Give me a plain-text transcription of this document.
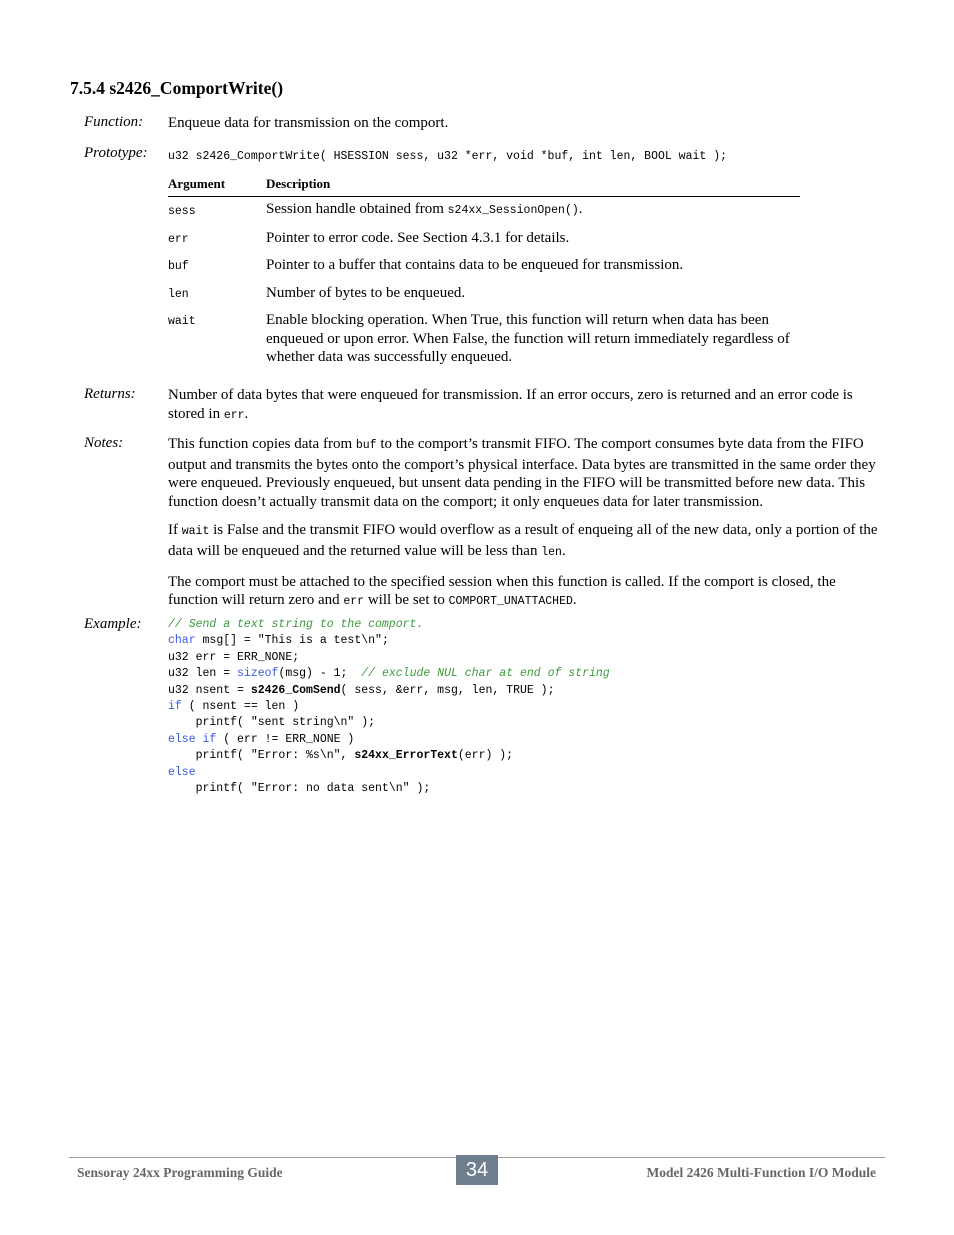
7.5.4 s2426_ComportWrite()
Function: Enqueue data for transmission on the comport.
Prototype: u32 s2426_ComportWrite( HSESSION sess, u32 *err, void *buf, int len, BOOL wait );
Argument	Description
sess	Session handle obtained from s24xx_SessionOpen().
err	Pointer to error code. See Section 4.3.1 for details.
buf	Pointer to a buffer that contains data to be enqueued for transmission.
len	Number of bytes to be enqueued.
wait	Enable blocking operation. When True, this function will return when data has been enqueued or upon error. When False, the function will return immediately regardless of whether data was successfully enqueued.
Returns: Number of data bytes that were enqueued for transmission. If an error occurs, zero is returned and an error code is stored in err.
Notes:	This function copies data from buf to the comport’s transmit FIFO. The comport consumes byte data from the FIFO output and transmits the bytes onto the comport’s physical interface. Data bytes are transmitted in the same order they were enqueued. Previously enqueued, but unsent data pending in the FIFO will be transmitted before new data. This function doesn’t actually transmit data on the comport; it only enqueues data for later transmission.

If wait is False and the transmit FIFO would overflow as a result of enqueing all of the new data, only a portion of the data will be enqueued and the returned value will be less than len.

The comport must be attached to the specified session when this function is called. If the comport is closed, the function will return zero and err will be set to COMPORT_UNATTACHED.

Example: // Send a text string to the comport.
char msg[] = "This is a test\n";
u32 err = ERR_NONE;
u32 len = sizeof(msg) - 1;  // exclude NUL char at end of string
u32 nsent = s2426_ComSend( sess, &err, msg, len, TRUE );
if ( nsent == len )
printf( "sent string\n" );
else if ( err != ERR_NONE )
printf( "Error: %s\n", s24xx_ErrorText(err) );
else
printf( "Error: no data sent\n" );
Sensoray 24xx Programming Guide	34	Model 2426 Multi-Function I/O Module
